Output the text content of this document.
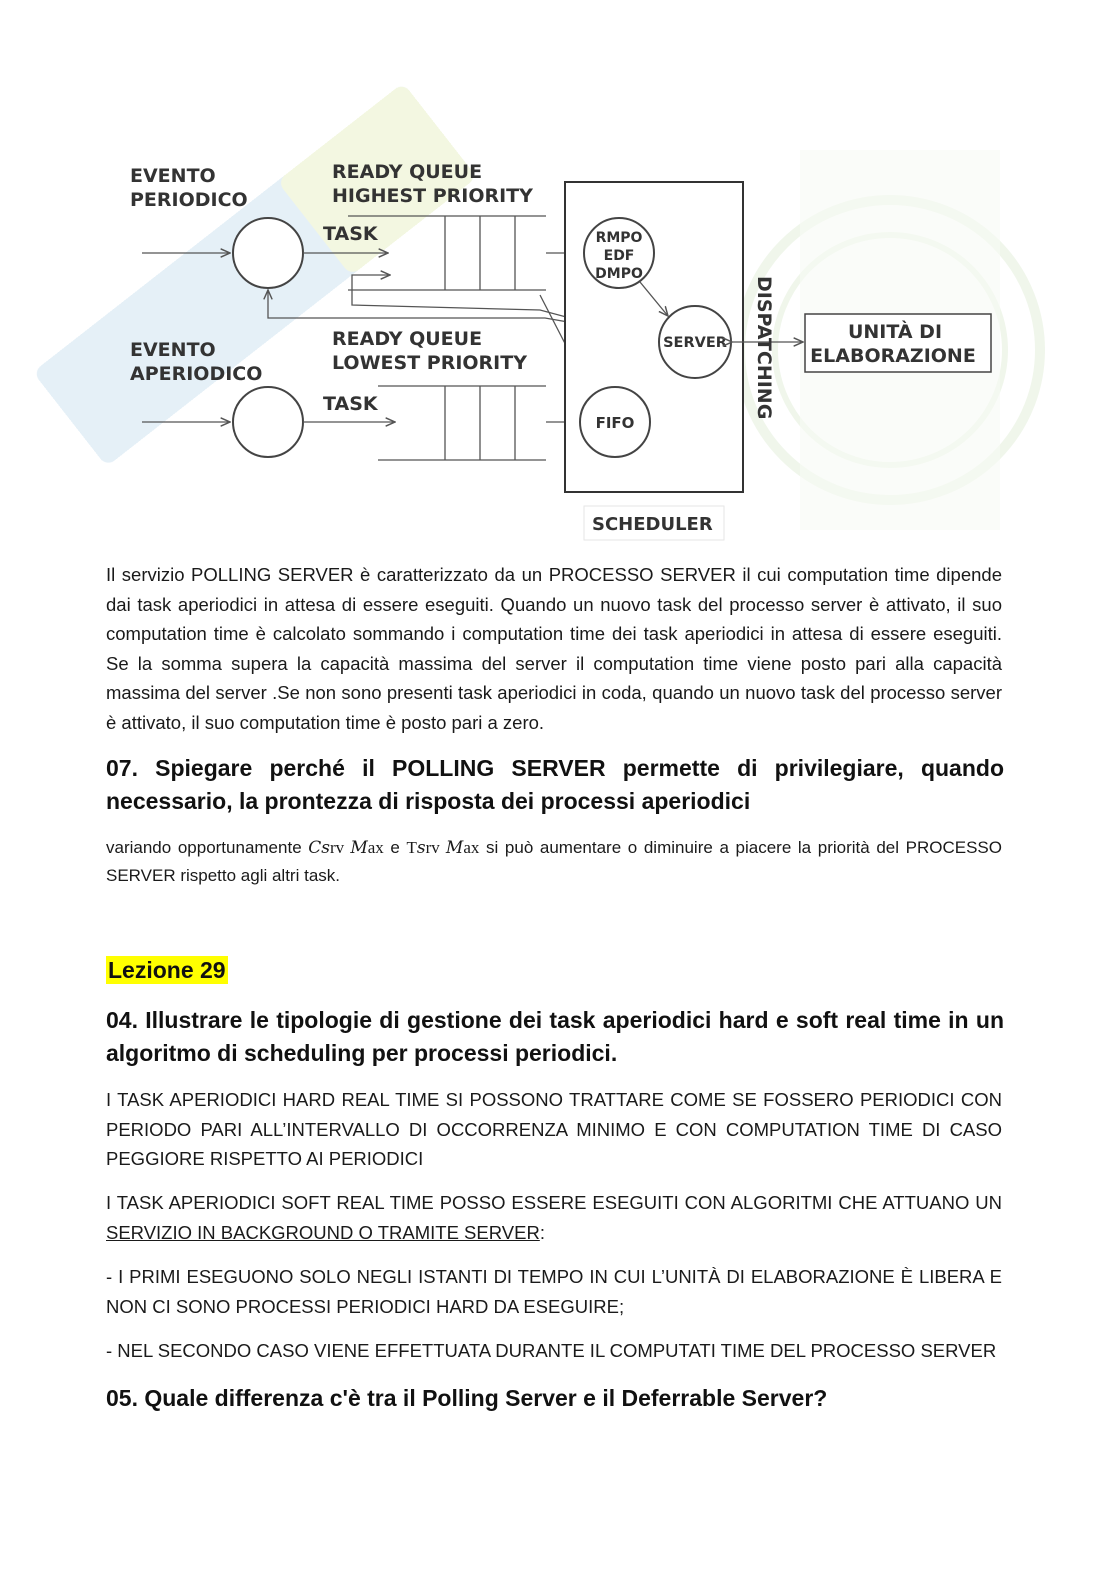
EVENTO
PERIODICO
EVENTO
APERIODICO
READY QUEUE
HIGHEST PRIORITY
READY QUEUE
LOWEST PRIORITY
TASK
TASK
RMPO
EDF
DMPO
FIFO
SERVER DISPATCHING	UNITÀ DI
ELABORAZIONE
SCHEDULER

Il servizio POLLING SERVER è caratterizzato da un PROCESSO SERVER il cui computation time dipende dai task aperiodici in attesa di essere eseguiti. Quando un nuovo task del processo server è attivato, il suo computation time è calcolato sommando i computation time dei task aperiodici in attesa di essere eseguiti. Se la somma supera la capacità massima del server il computation time viene posto pari alla capacità massima del server .Se non sono presenti task aperiodici in coda, quando un nuovo task del processo server è attivato, il suo computation time è posto pari a zero.

07. Spiegare perché il POLLING SERVER permette di privilegiare, quando necessario, la prontezza di risposta dei processi aperiodici

variando opportunamente Csrv Max e Tsrv Max si può aumentare o diminuire a piacere la priorità del PROCESSO SERVER rispetto agli altri task.

Lezione 29

04. Illustrare le tipologie di gestione dei task aperiodici hard e soft real time in un algoritmo di scheduling per processi periodici.

I TASK APERIODICI HARD REAL TIME SI POSSONO TRATTARE COME SE FOSSERO PERIODICI CON PERIODO PARI ALL’INTERVALLO DI OCCORRENZA MINIMO E CON COMPUTATION TIME DI CASO PEGGIORE RISPETTO AI PERIODICI

I TASK APERIODICI SOFT REAL TIME POSSO ESSERE ESEGUITI CON ALGORITMI CHE ATTUANO UN SERVIZIO IN BACKGROUND O TRAMITE SERVER:

- I PRIMI ESEGUONO SOLO NEGLI ISTANTI DI TEMPO IN CUI L’UNITÀ DI ELABORAZIONE È LIBERA E NON CI SONO PROCESSI PERIODICI HARD DA ESEGUIRE;

- NEL SECONDO CASO VIENE EFFETTUATA DURANTE IL COMPUTATI TIME DEL PROCESSO SERVER

05. Quale differenza c'è tra il Polling Server e il Deferrable Server?
